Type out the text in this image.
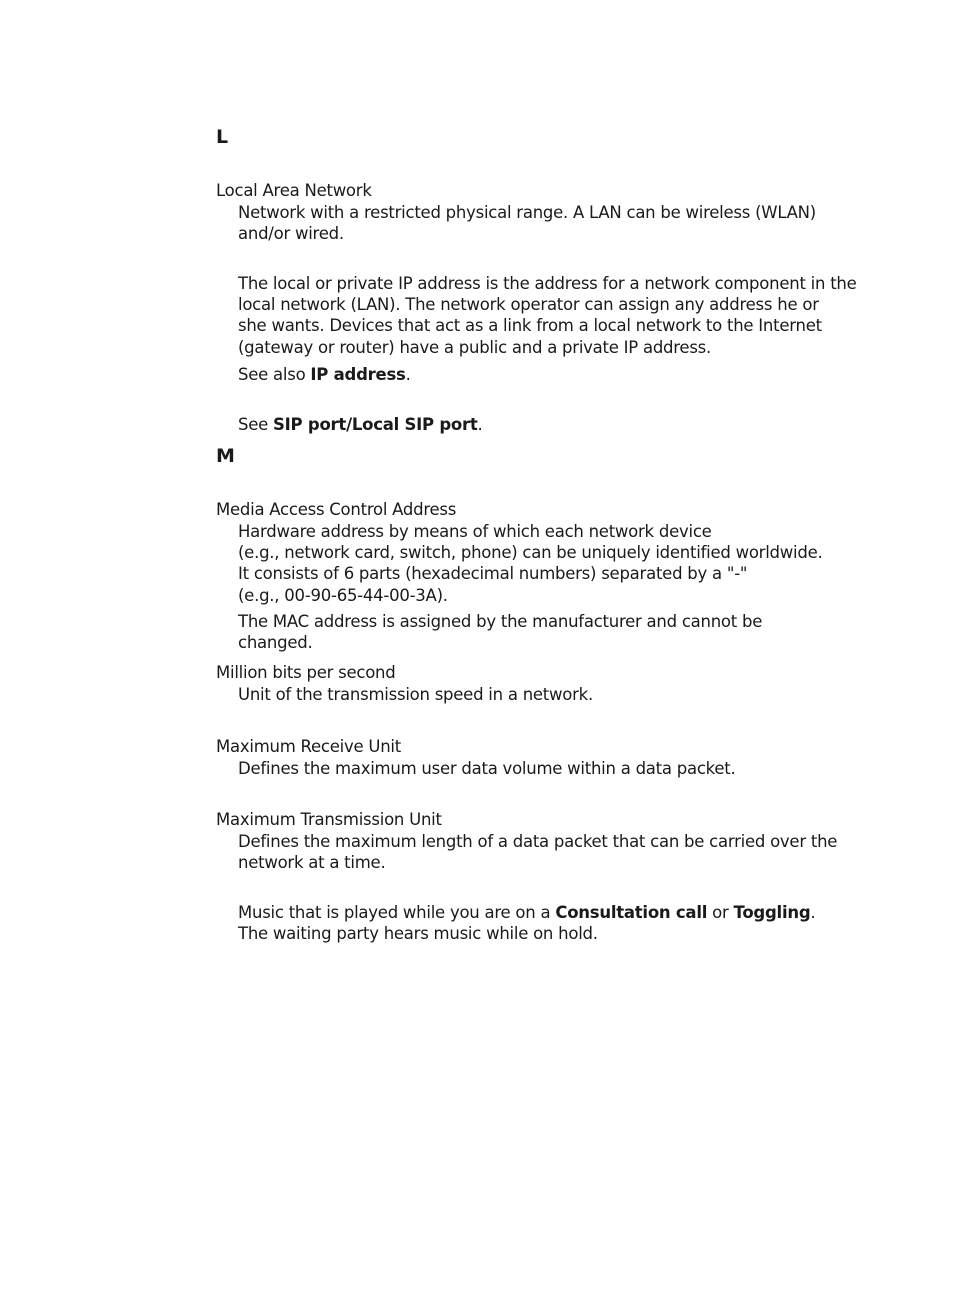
L
Local Area Network
Network with a restricted physical range. A LAN can be wireless (WLAN)
and/or wired.
The local or private IP address is the address for a network component in the
local network (LAN). The network operator can assign any address he or
she wants. Devices that act as a link from a local network to the Internet
(gateway or router) have a public and a private IP address.
See also IP address.
See SIP port/Local SIP port.
M
Media Access Control Address
Hardware address by means of which each network device
(e.g., network card, switch, phone) can be uniquely identified worldwide.
It consists of 6 parts (hexadecimal numbers) separated by a "-"
(e.g., 00-90-65-44-00-3A).
The MAC address is assigned by the manufacturer and cannot be changed.
Million bits per second
Unit of the transmission speed in a network.
Maximum Receive Unit
Defines the maximum user data volume within a data packet.
Maximum Transmission Unit
Defines the maximum length of a data packet that can be carried over the
network at a time.
Music that is played while you are on a Consultation call or Toggling.
The waiting party hears music while on hold.
